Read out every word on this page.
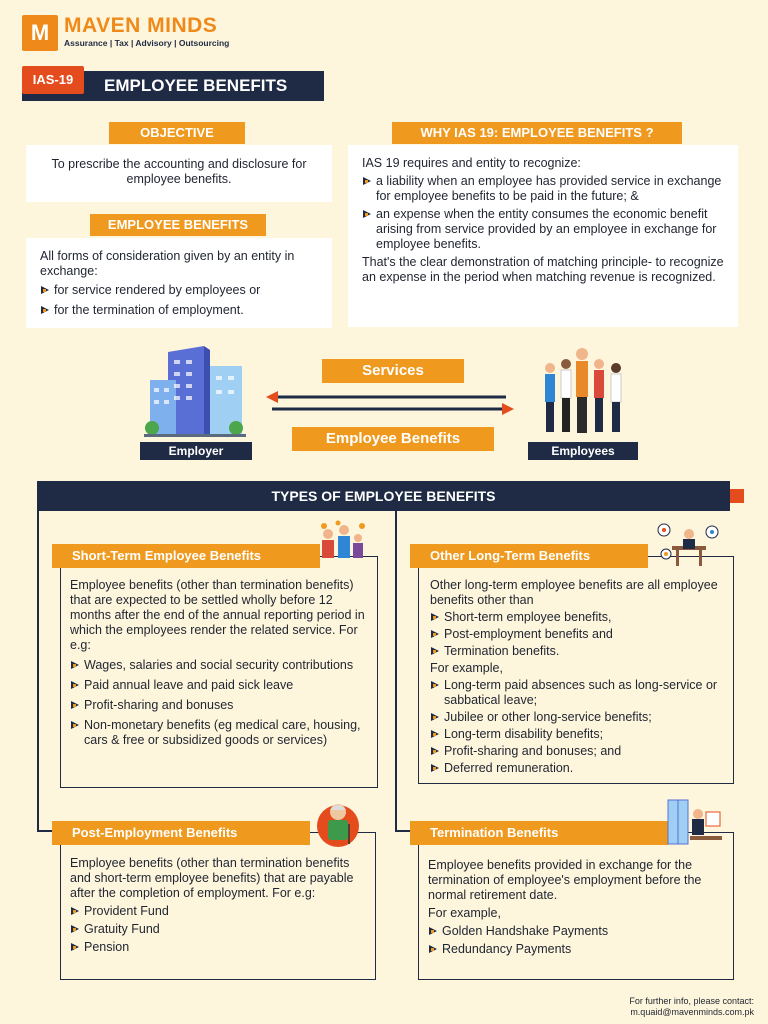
M MAVEN MINDS
Assurance | Tax | Advisory | Outsourcing
IAS-19	EMPLOYEE BENEFITS
OBJECTIVE
To prescribe the accounting and disclosure for employee benefits.
EMPLOYEE BENEFITS
All forms of consideration given by an entity in exchange:
for service rendered by employees or
for the termination of employment.
WHY IAS 19: EMPLOYEE BENEFITS ?
IAS 19 requires and entity to recognize:
a liability when an employee has provided service in exchange for employee benefits to be paid in the future; &
an expense when the entity consumes the economic benefit arising from service provided by an employee in exchange for employee benefits.
That's the clear demonstration of matching principle- to recognize an expense in the period when matching revenue is recognized.
Services
Employee Benefits
Employer	Employees
TYPES OF EMPLOYEE BENEFITS
Short-Term Employee Benefits
Employee benefits (other than termination benefits) that are expected to be settled wholly before 12 months after the end of the annual reporting period in which the employees render the related service. For e.g:
Wages, salaries and social security contributions
Paid annual leave and paid sick leave
Profit-sharing and bonuses
Non-monetary benefits (eg medical care, housing, cars & free or subsidized goods or services)
Other Long-Term Benefits
Other long-term employee benefits are all employee benefits other than
Short-term employee benefits,
Post-employment benefits and
Termination benefits.
For example,
Long-term paid absences such as long-service or sabbatical leave;
Jubilee or other long-service benefits;
Long-term disability benefits;
Profit-sharing and bonuses; and
Deferred remuneration.
Post-Employment Benefits
Employee benefits (other than termination benefits and short-term employee benefits) that are payable after the completion of employment. For e.g:
Provident Fund
Gratuity Fund
Pension
Termination Benefits
Employee benefits provided in exchange for the termination of employee's employment before the normal retirement date.
For example,
Golden Handshake Payments
Redundancy Payments
For further info, please contact:
m.quaid@mavenminds.com.pk
